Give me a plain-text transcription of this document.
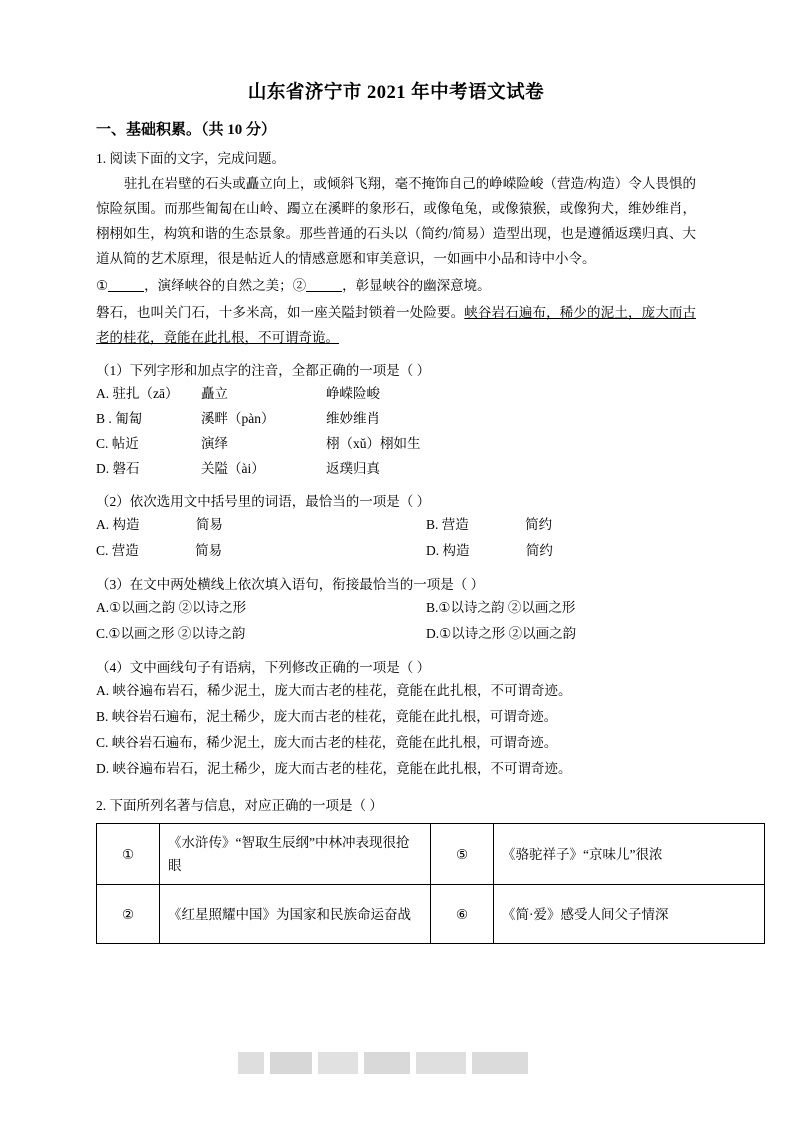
山东省济宁市 2021 年中考语文试卷
一、基础积累。（共 10 分）
1. 阅读下面的文字，完成问题。
驻扎在岩壁的石头或矗立向上，或倾斜飞翔，毫不掩饰自己的峥嵘险峻（营造/构造）令人畏惧的惊险氛围。而那些匍匐在山岭、躅立在溪畔的象形石，或像龟兔，或像猿猴，或像狗犬，维妙维肖，栩栩如生，构筑和谐的生态景象。那些普通的石头以（简约/简易）造型出现，也是遵循返璞归真、大道从简的艺术原理，很是帖近人的情感意愿和审美意识，一如画中小品和诗中小令。
①	，演绎峡谷的自然之美；②	，彰显峡谷的幽深意境。
磐石，也叫关门石，十多米高，如一座关隘封锁着一处险要。峡谷岩石遍布，稀少的泥土，庞大而古老的桂花，竟能在此扎根，不可谓奇诡。
（1）下列字形和加点字的注音，全都正确的一项是（ ）
A. 驻扎（zā）	矗立	峥嵘险峻
B . 匍匐	溪畔（pàn）	维妙维肖
C. 帖近	演绎	栩（xǔ）栩如生
D. 磐石	关隘（ài）	返璞归真
（2）依次选用文中括号里的词语，最恰当的一项是（ ）
A. 构造	简易	B. 营造	简约
C. 营造	简易	D. 构造	简约
（3）在文中两处横线上依次填入语句，衔接最恰当的一项是（ ）
A.①以画之韵 ②以诗之形	B.①以诗之韵 ②以画之形
C.①以画之形 ②以诗之韵	D.①以诗之形 ②以画之韵
（4）文中画线句子有语病，下列修改正确的一项是（ ）
A. 峡谷遍布岩石，稀少泥土，庞大而古老的桂花，竟能在此扎根，不可谓奇迹。
B. 峡谷岩石遍布，泥土稀少，庞大而古老的桂花，竟能在此扎根，可谓奇迹。
C. 峡谷岩石遍布，稀少泥土，庞大而古老的桂花，竟能在此扎根，可谓奇迹。
D. 峡谷遍布岩石，泥土稀少，庞大而古老的桂花，竟能在此扎根，不可谓奇迹。
2. 下面所列名著与信息，对应正确的一项是（ ）
①	《水浒传》“智取生辰纲”中林冲表现很抢眼	⑤	《骆驼祥子》“京味儿”很浓
②	《红星照耀中国》为国家和民族命运奋战	⑥	《简·爱》感受人间父子情深
